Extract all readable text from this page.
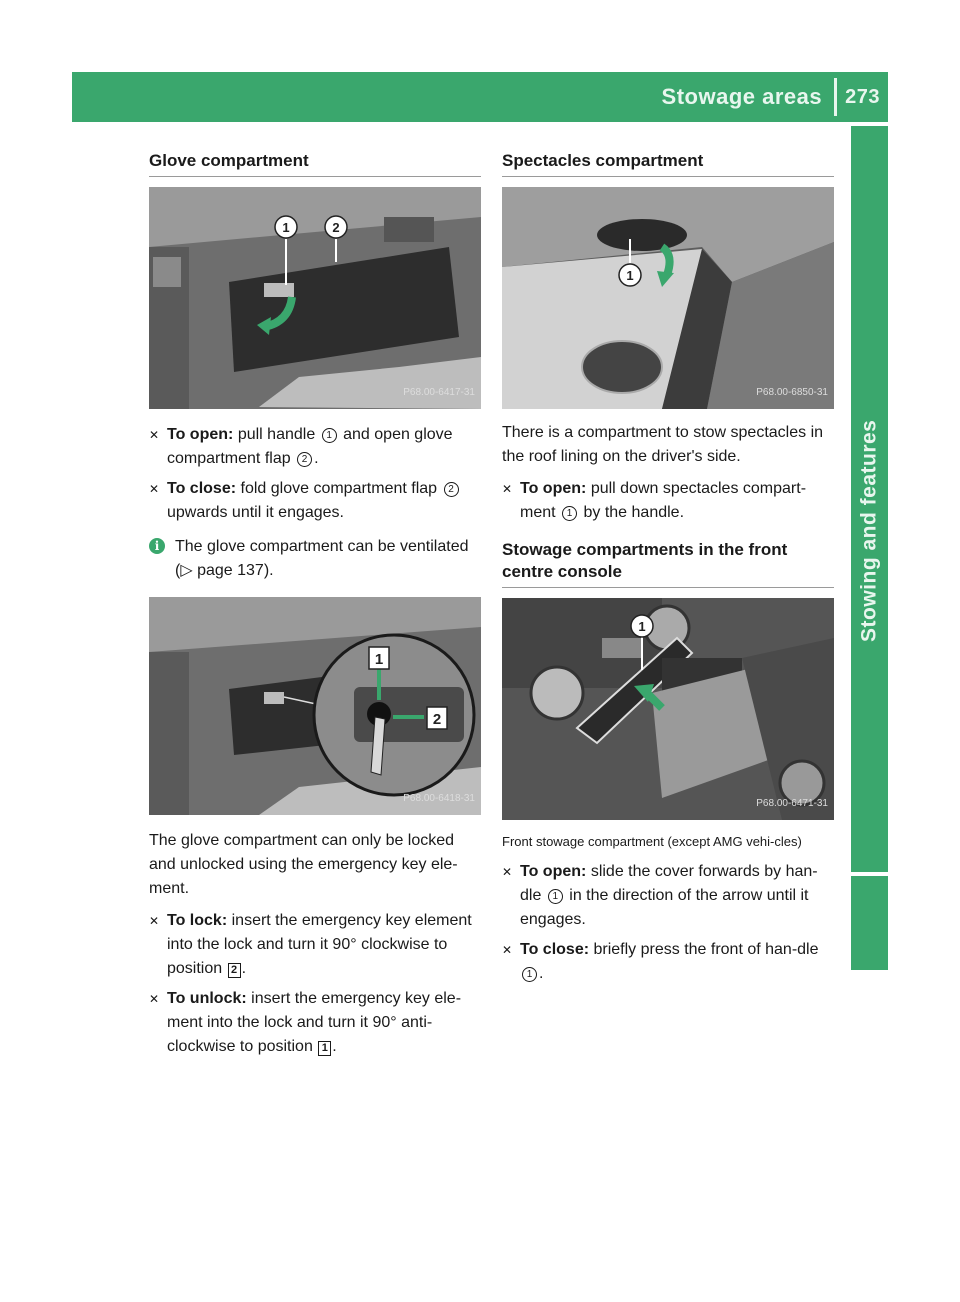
Stowage areas 273
Stowing and features
Glove compartment
1	2
P68.00-6417-31
✕ To open: pull handle 1 and open glove compartment flap 2 .
✕ To close: fold glove compartment flap 2 upwards until it engages.
i The glove compartment can be ventilated (▷ page 137).
1
2
P68.00-6418-31

The glove compartment can only be locked and unlocked using the emergency key ele-ment.

✕ To lock: insert the emergency key element into the lock and turn it 90° clockwise to position 2 .
✕ To unlock: insert the emergency key ele-ment into the lock and turn it 90° anti-clockwise to position 1 .
Spectacles compartment
1
P68.00-6850-31

There is a compartment to stow spectacles in the roof lining on the driver's side.

✕ To open: pull down spectacles compart-ment 1 by the handle.
Stowage compartments in the front centre console
1
P68.00-6471-31

Front stowage compartment (except AMG vehi-cles)

✕ To open: slide the cover forwards by han-dle 1 in the direction of the arrow until it engages.
✕ To close: briefly press the front of han-dle 1 .
